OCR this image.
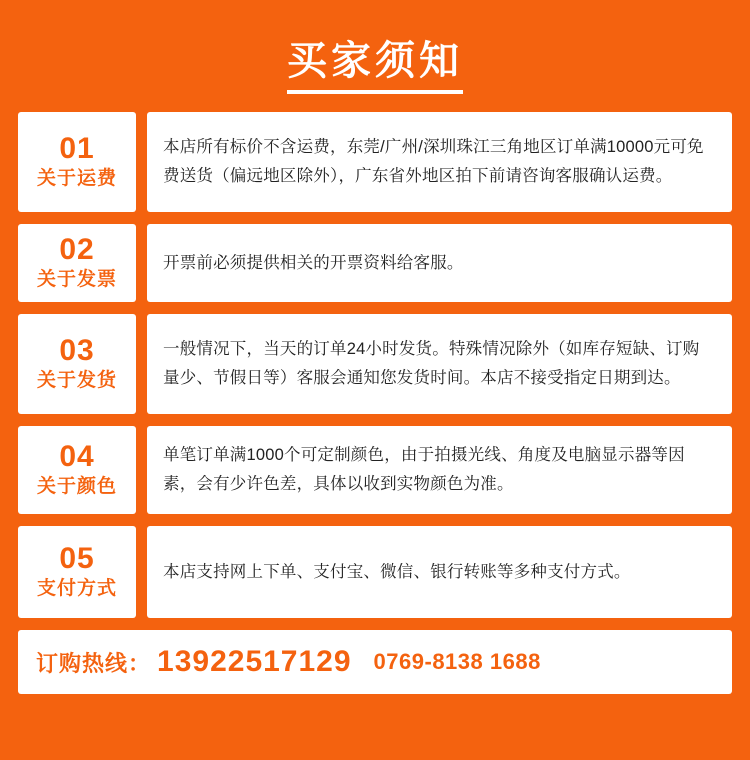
买家须知
01
关于运费

本店所有标价不含运费，东莞/广州/深圳珠江三角地区订单满10000元可免费送货（偏远地区除外），广东省外地区拍下前请咨询客服确认运费。

02
关于发票

开票前必须提供相关的开票资料给客服。

03
关于发货

一般情况下，当天的订单24小时发货。特殊情况除外（如库存短缺、订购量少、节假日等）客服会通知您发货时间。本店不接受指定日期到达。

04
关于颜色

单笔订单满1000个可定制颜色，由于拍摄光线、角度及电脑显示器等因素，会有少许色差，具体以收到实物颜色为准。

05
支付方式

本店支持网上下单、支付宝、微信、银行转账等多种支付方式。

订购热线： 13922517129 0769-8138 1688
